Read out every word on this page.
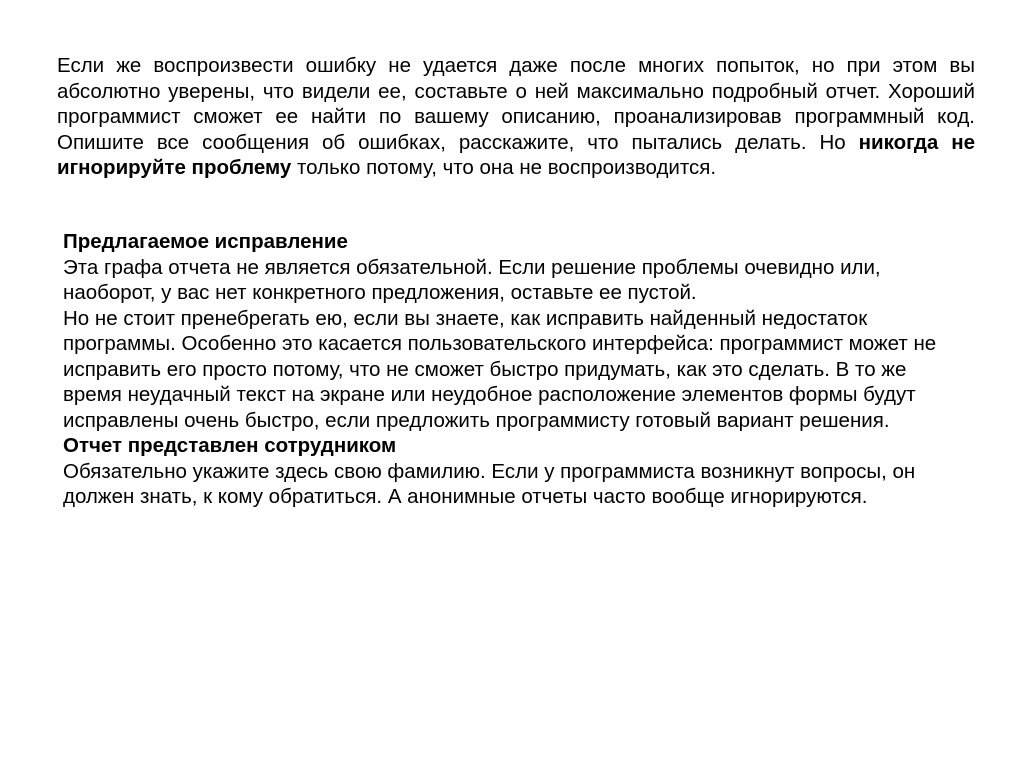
Если же воспроизвести ошибку не удается даже после многих попыток, но при этом вы абсолютно уверены, что видели ее, составьте о ней максимально подробный отчет. Хороший программист сможет ее найти по вашему описанию, проанализировав программный код. Опишите все сообщения об ошибках, расскажите, что пытались делать. Но никогда не игнорируйте проблему только потому, что она не воспроизводится.

Предлагаемое исправление
Эта графа отчета не является обязательной. Если решение проблемы очевидно или, наоборот, у вас нет конкретного предложения, оставьте ее пустой.
Но не стоит пренебрегать ею, если вы знаете, как исправить найденный недостаток программы. Особенно это касается пользовательского интерфейса: программист может не исправить его просто потому, что не сможет быстро придумать, как это сделать. В то же время неудачный текст на экране или неудобное расположение элементов формы будут исправлены очень быстро, если предложить программисту готовый вариант решения.
Отчет представлен сотрудником
Обязательно укажите здесь свою фамилию. Если у программиста возникнут вопросы, он должен знать, к кому обратиться. А анонимные отчеты часто вообще игнорируются.
